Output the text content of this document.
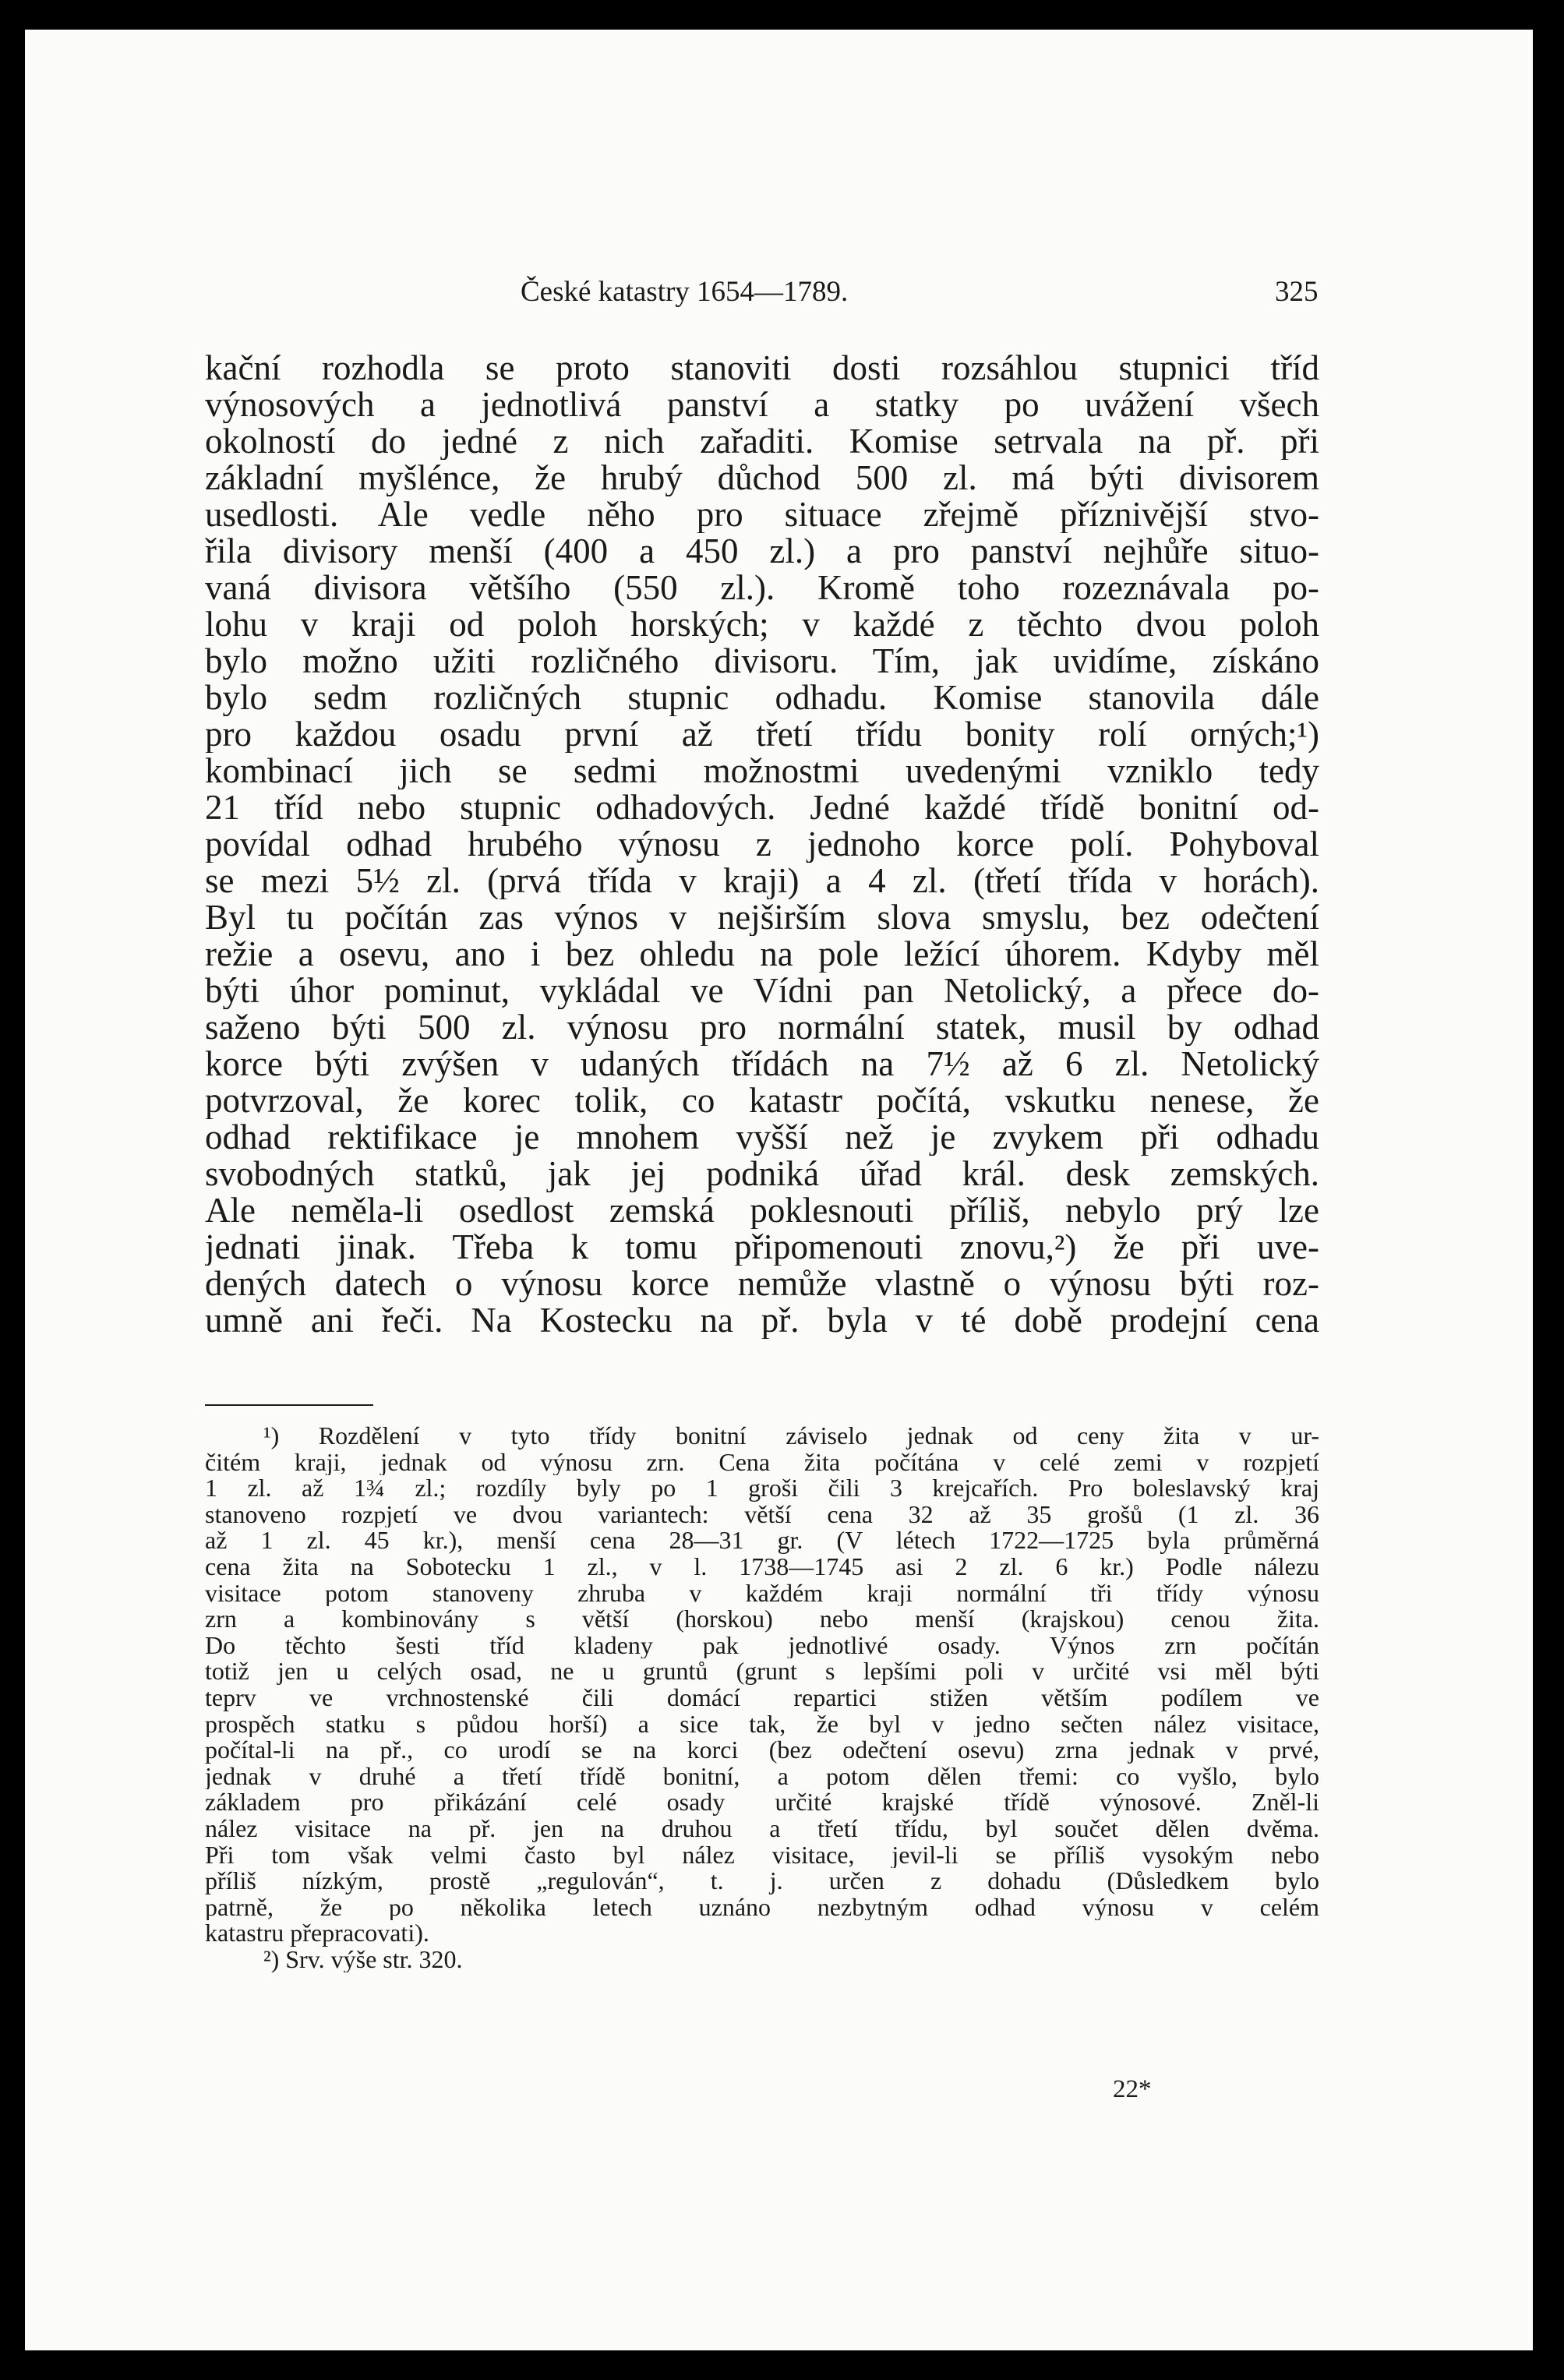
České katastry 1654—1789.	325
kační rozhodla se proto stanoviti dosti rozsáhlou stupnici tříd
výnosových a jednotlivá panství a statky po uvážení všech
okolností do jedné z nich zařaditi. Komise setrvala na př. při
základní myšlénce, že hrubý důchod 500 zl. má býti divisorem
usedlosti. Ale vedle něho pro situace zřejmě příznivější stvo-
řila divisory menší (400 a 450 zl.) a pro panství nejhůře situo-
vaná divisora většího (550 zl.). Kromě toho rozeznávala po-
lohu v kraji od poloh horských; v každé z těchto dvou poloh
bylo možno užiti rozličného divisoru. Tím, jak uvidíme, získáno
bylo sedm rozličných stupnic odhadu. Komise stanovila dále
pro každou osadu první až třetí třídu bonity rolí orných;¹)
kombinací jich se sedmi možnostmi uvedenými vzniklo tedy
21 tříd nebo stupnic odhadových. Jedné každé třídě bonitní od-
povídal odhad hrubého výnosu z jednoho korce polí. Pohyboval
se mezi 5½ zl. (prvá třída v kraji) a 4 zl. (třetí třída v horách).
Byl tu počítán zas výnos v nejširším slova smyslu, bez odečtení
režie a osevu, ano i bez ohledu na pole ležící úhorem. Kdyby měl
býti úhor pominut, vykládal ve Vídni pan Netolický, a přece do-
saženo býti 500 zl. výnosu pro normální statek, musil by odhad
korce býti zvýšen v udaných třídách na 7½ až 6 zl. Netolický
potvrzoval, že korec tolik, co katastr počítá, vskutku nenese, že
odhad rektifikace je mnohem vyšší než je zvykem při odhadu
svobodných statků, jak jej podniká úřad král. desk zemských.
Ale neměla-li osedlost zemská poklesnouti příliš, nebylo prý lze
jednati jinak. Třeba k tomu připomenouti znovu,²) že při uve-
dených datech o výnosu korce nemůže vlastně o výnosu býti roz-
umně ani řeči. Na Kostecku na př. byla v té době prodejní cena
¹) Rozdělení v tyto třídy bonitní záviselo jednak od ceny žita v ur-
čitém kraji, jednak od výnosu zrn. Cena žita počítána v celé zemi v rozpjetí
1 zl. až 1¾ zl.; rozdíly byly po 1 groši čili 3 krejcařích. Pro boleslavský kraj
stanoveno rozpjetí ve dvou variantech: větší cena 32 až 35 grošů (1 zl. 36
až 1 zl. 45 kr.), menší cena 28—31 gr. (V létech 1722—1725 byla průměrná
cena žita na Sobotecku 1 zl., v l. 1738—1745 asi 2 zl. 6 kr.) Podle nálezu
visitace potom stanoveny zhruba v každém kraji normální tři třídy výnosu
zrn a kombinovány s větší (horskou) nebo menší (krajskou) cenou žita.
Do těchto šesti tříd kladeny pak jednotlivé osady. Výnos zrn počítán
totiž jen u celých osad, ne u gruntů (grunt s lepšími poli v určité vsi měl býti
teprv ve vrchnostenské čili domácí repartici stižen větším podílem ve
prospěch statku s půdou horší) a sice tak, že byl v jedno sečten nález visitace,
počítal-li na př., co urodí se na korci (bez odečtení osevu) zrna jednak v prvé,
jednak v druhé a třetí třídě bonitní, a potom dělen třemi: co vyšlo, bylo
základem pro přikázání celé osady určité krajské třídě výnosové. Zněl-li
nález visitace na př. jen na druhou a třetí třídu, byl součet dělen dvěma.
Při tom však velmi často byl nález visitace, jevil-li se příliš vysokým nebo
příliš nízkým, prostě „regulován“, t. j. určen z dohadu (Důsledkem bylo
patrně, že po několika letech uznáno nezbytným odhad výnosu v celém
katastru přepracovati).
²) Srv. výše str. 320.
22*
